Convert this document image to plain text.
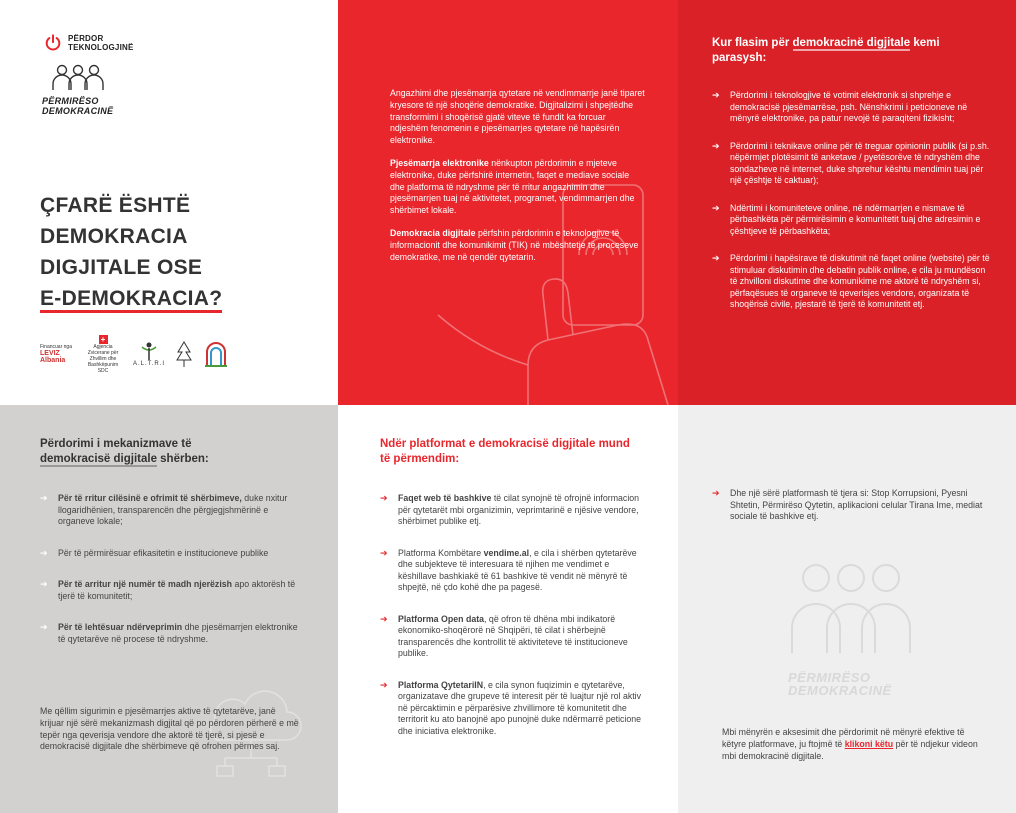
PËRDOR
TEKNOLOGJINË
PËRMIRËSO
DEMOKRACINË
ÇFARË ËSHTË
DEMOKRACIA
DIGJITALE OSE
E-DEMOKRACIA?
Financuar nga
LEVIZ Albania
+
Agjencia Zvicerane për Zhvillim dhe Bashkëpunim SDC
A.L.T.R.I

Angazhimi dhe pjesëmarrja qytetare në vendimmarrje janë tiparet kryesore të një shoqërie demokratike. Digjitalizimi i shpejtëdhe transformimi i shoqërisë gjatë viteve të fundit ka forcuar ndjeshëm fenomenin e pjesëmarrjes qytetare në hapësirën elektronike.

Pjesëmarrja elektronike nënkupton përdorimin e mjeteve elektronike, duke përfshirë internetin, faqet e mediave sociale dhe platforma të ndryshme për të rritur angazhimin dhe pjesëmarrjen tuaj në aktivitetet, programet, vendimmarrjen dhe shërbimet lokale.

Demokracia digjitale përfshin përdorimin e teknologjive të informacionit dhe komunikimit (TIK) në mbështetje të proceseve demokratike, me në qendër qytetarin.

Kur flasim për demokracinë digjitale kemi parasysh:
➔ Përdorimi i teknologjive të votimit elektronik si shprehje e demokracisë pjesëmarrëse, psh. Nënshkrimi i peticioneve në mënyrë elektronike, pa patur nevojë të paraqiteni fizikisht;
➔ Përdorimi i teknikave online për të treguar opinionin publik (si p.sh. nëpërmjet plotësimit të anketave / pyetësorëve të ndryshëm dhe sondazheve në internet, duke shprehur kështu mendimin tuaj për një çështje të caktuar);
➔ Ndërtimi i komuniteteve online, në ndërmarrjen e nismave të përbashkëta për përmirësimin e komunitetit tuaj dhe adresimin e çështjeve të përbashkëta;
➔ Përdorimi i hapësirave të diskutimit në faqet online (website) për të stimuluar diskutimin dhe debatin publik online, e cila ju mundëson të zhvilloni diskutime dhe komunikime me aktorë të ndryshëm si, përfaqësues të organeve të qeverisjes vendore, organizata të shoqërisë civile, pjestarë të tjerë të komunitetit etj.
Përdorimi i mekanizmave të
demokracisë digjitale shërben:
➔ Për të rritur cilësinë e ofrimit të shërbimeve, duke nxitur llogaridhënien, transparencën dhe përgjegjshmërinë e organeve lokale;
➔ Për të përmirësuar efikasitetin e institucioneve publike
➔ Për të arritur një numër të madh njerëzish apo aktorësh të tjerë të komunitetit;
➔ Për të lehtësuar ndërveprimin dhe pjesëmarrjen elektronike të qytetarëve në procese të ndryshme.
Me qëllim sigurimin e pjesëmarrjes aktive të qytetarëve, janë krijuar një sërë mekanizmash digjital që po përdoren përherë e më tepër nga qeverisja vendore dhe aktorë të tjerë, si pjesë e demokracisë digjitale dhe shërbimeve që ofrohen përmes saj.
Ndër platformat e demokracisë digjitale mund të përmendim:
➔ Faqet web të bashkive të cilat synojnë të ofrojnë informacion për qytetarët mbi organizimin, veprimtarinë e njësive vendore, shërbimet publike etj.
➔ Platforma Kombëtare vendime.al, e cila i shërben qytetarëve dhe subjekteve të interesuara të njihen me vendimet e këshillave bashkiakë të 61 bashkive të vendit në mënyrë të shpejtë, në çdo kohë dhe pa pagesë.
➔ Platforma Open data, që ofron të dhëna mbi indikatorë ekonomiko-shoqërorë në Shqipëri, të cilat i shërbejnë transparencës dhe kontrollit të aktiviteteve të institucioneve publike.
➔ Platforma QytetariIN, e cila synon fuqizimin e qytetarëve, organizatave dhe grupeve të interesit për të luajtur një rol aktiv në përcaktimin e përparësive zhvillimore të komunitetit dhe territorit ku ato banojnë apo punojnë duke ndërmarrë peticione dhe iniciativa elektronike.
➔ Dhe një sërë platformash të tjera si: Stop Korrupsioni, Pyesni Shtetin, Përmirëso Qytetin, aplikacioni celular Tirana Ime, mediat sociale të bashkive etj.
PËRMIRËSO
DEMOKRACINË
Mbi mënyrën e aksesimit dhe përdorimit në mënyrë efektive të këtyre platformave, ju ftojmë të klikoni këtu për të ndjekur videon mbi demokracinë digjitale.
